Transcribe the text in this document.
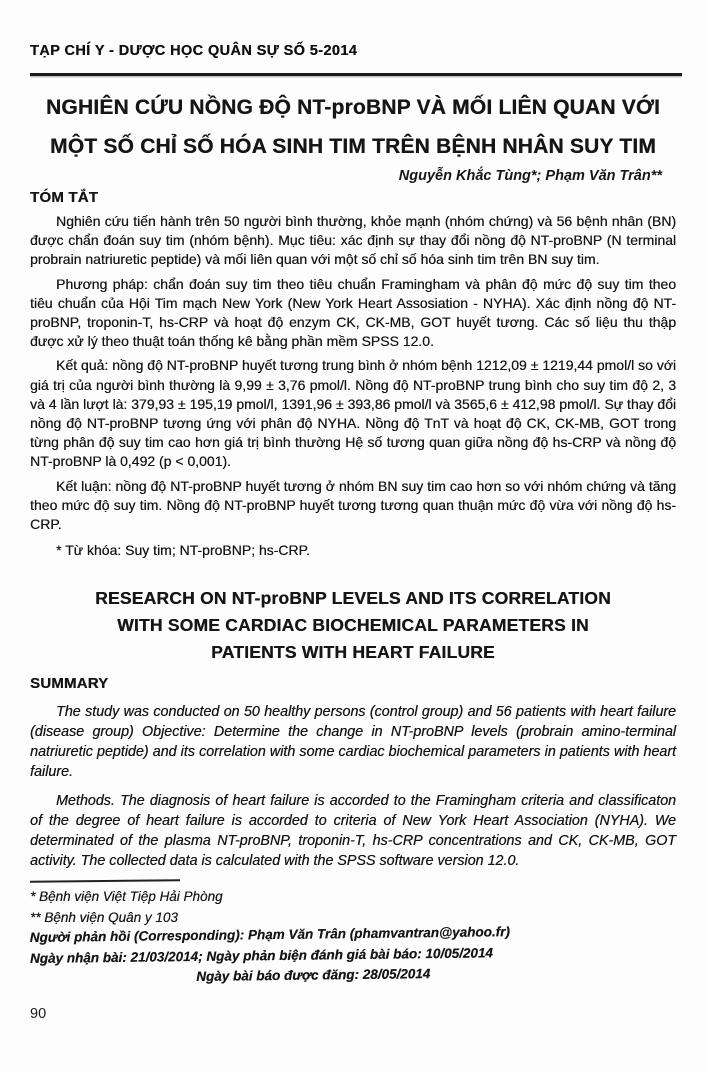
TẠP CHÍ Y - DƯỢC HỌC QUÂN SỰ SỐ 5-2014
NGHIÊN CỨU NỒNG ĐỘ NT-proBNP VÀ MỐI LIÊN QUAN VỚI
MỘT SỐ CHỈ SỐ HÓA SINH TIM TRÊN BỆNH NHÂN SUY TIM
Nguyễn Khắc Tùng*; Phạm Văn Trân**
TÓM TẮT

Nghiên cứu tiến hành trên 50 người bình thường, khỏe mạnh (nhóm chứng) và 56 bệnh nhân (BN) được chẩn đoán suy tim (nhóm bệnh). Mục tiêu: xác định sự thay đổi nồng độ NT-proBNP (N terminal probrain natriuretic peptide) và mối liên quan với một số chỉ số hóa sinh tim trên BN suy tim.

Phương pháp: chẩn đoán suy tim theo tiêu chuẩn Framingham và phân độ mức độ suy tim theo tiêu chuẩn của Hội Tim mạch New York (New York Heart Assosiation - NYHA). Xác định nồng độ NT-proBNP, troponin-T, hs-CRP và hoạt độ enzym CK, CK-MB, GOT huyết tương. Các số liệu thu thập được xử lý theo thuật toán thống kê bằng phần mềm SPSS 12.0.

Kết quả: nồng độ NT-proBNP huyết tương trung bình ở nhóm bệnh 1212,09 ± 1219,44 pmol/l so với giá trị của người bình thường là 9,99 ± 3,76 pmol/l. Nồng độ NT-proBNP trung bình cho suy tim độ 2, 3 và 4 lần lượt là: 379,93 ± 195,19 pmol/l, 1391,96 ± 393,86 pmol/l và 3565,6 ± 412,98 pmol/l. Sự thay đổi nồng độ NT-proBNP tương ứng với phân độ NYHA. Nồng độ TnT và hoạt độ CK, CK-MB, GOT trong từng phân độ suy tim cao hơn giá trị bình thường Hệ số tương quan giữa nồng độ hs-CRP và nồng độ NT-proBNP là 0,492 (p < 0,001).

Kết luận: nồng độ NT-proBNP huyết tương ở nhóm BN suy tim cao hơn so với nhóm chứng và tăng theo mức độ suy tim. Nồng độ NT-proBNP huyết tương tương quan thuận mức độ vừa với nồng độ hs-CRP.

* Từ khóa: Suy tim; NT-proBNP; hs-CRP.

RESEARCH ON NT-proBNP LEVELS AND ITS CORRELATION
WITH SOME CARDIAC BIOCHEMICAL PARAMETERS IN
PATIENTS WITH HEART FAILURE
SUMMARY

The study was conducted on 50 healthy persons (control group) and 56 patients with heart failure (disease group) Objective: Determine the change in NT-proBNP levels (probrain amino-terminal natriuretic peptide) and its correlation with some cardiac biochemical parameters in patients with heart failure.

Methods. The diagnosis of heart failure is accorded to the Framingham criteria and classificaton of the degree of heart failure is accorded to criteria of New York Heart Association (NYHA). We determinated of the plasma NT-proBNP, troponin-T, hs-CRP concentrations and CK, CK-MB, GOT activity. The collected data is calculated with the SPSS software version 12.0.

* Bệnh viện Việt Tiệp Hải Phòng
** Bệnh viện Quân y 103
Người phản hồi (Corresponding): Phạm Văn Trân (phamvantran@yahoo.fr)
Ngày nhận bài: 21/03/2014; Ngày phản biện đánh giá bài báo: 10/05/2014
Ngày bài báo được đăng: 28/05/2014
90
